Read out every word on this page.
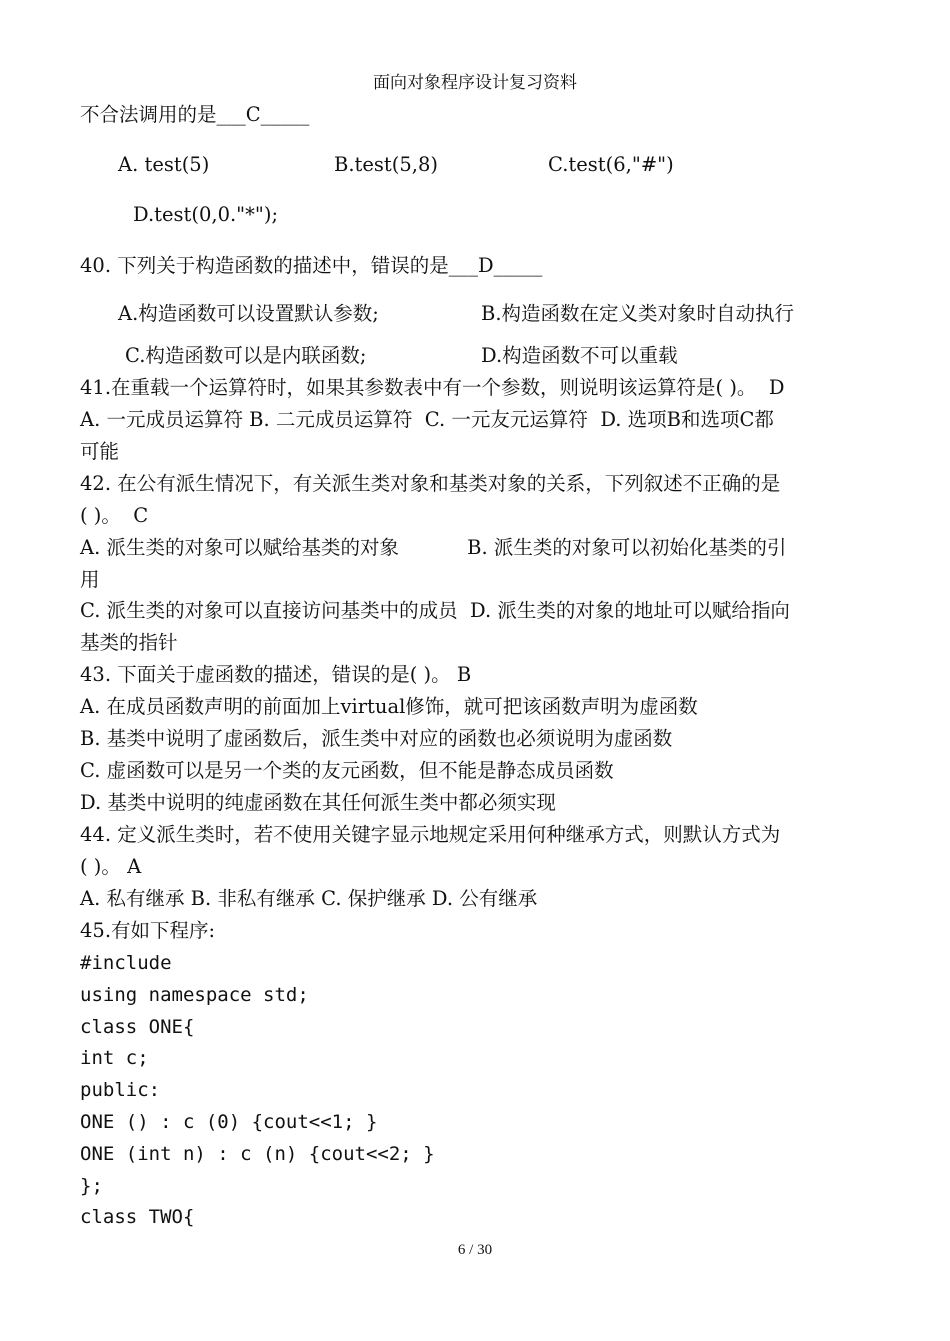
面向对象程序设计复习资料
不合法调用的是___C_____
A. test(5)	B.test(5,8)	C.test(6,"#")
D.test(0,0."*");
40. 下列关于构造函数的描述中，错误的是___D_____
A.构造函数可以设置默认参数;	B.构造函数在定义类对象时自动执行
C.构造函数可以是内联函数;	D.构造函数不可以重载
41.在重载一个运算符时，如果其参数表中有一个参数，则说明该运算符是( )。  D
A. 一元成员运算符 B. 二元成员运算符  C. 一元友元运算符  D. 选项B和选项C都
可能
42. 在公有派生情况下，有关派生类对象和基类对象的关系，下列叙述不正确的是
( )。  C
A. 派生类的对象可以赋给基类的对象           B. 派生类的对象可以初始化基类的引
用
C. 派生类的对象可以直接访问基类中的成员  D. 派生类的对象的地址可以赋给指向
基类的指针
43. 下面关于虚函数的描述，错误的是( )。 B
A. 在成员函数声明的前面加上virtual修饰，就可把该函数声明为虚函数
B. 基类中说明了虚函数后，派生类中对应的函数也必须说明为虚函数
C. 虚函数可以是另一个类的友元函数，但不能是静态成员函数
D. 基类中说明的纯虚函数在其任何派生类中都必须实现
44. 定义派生类时，若不使用关键字显示地规定采用何种继承方式，则默认方式为
( )。 A
A. 私有继承 B. 非私有继承 C. 保护继承 D. 公有继承
45.有如下程序:
#include
using namespace std;
class ONE{
int c;
public:
ONE () : c (0) {cout<<1; }
ONE (int n) : c (n) {cout<<2; }
};
class TWO{
6 / 30
